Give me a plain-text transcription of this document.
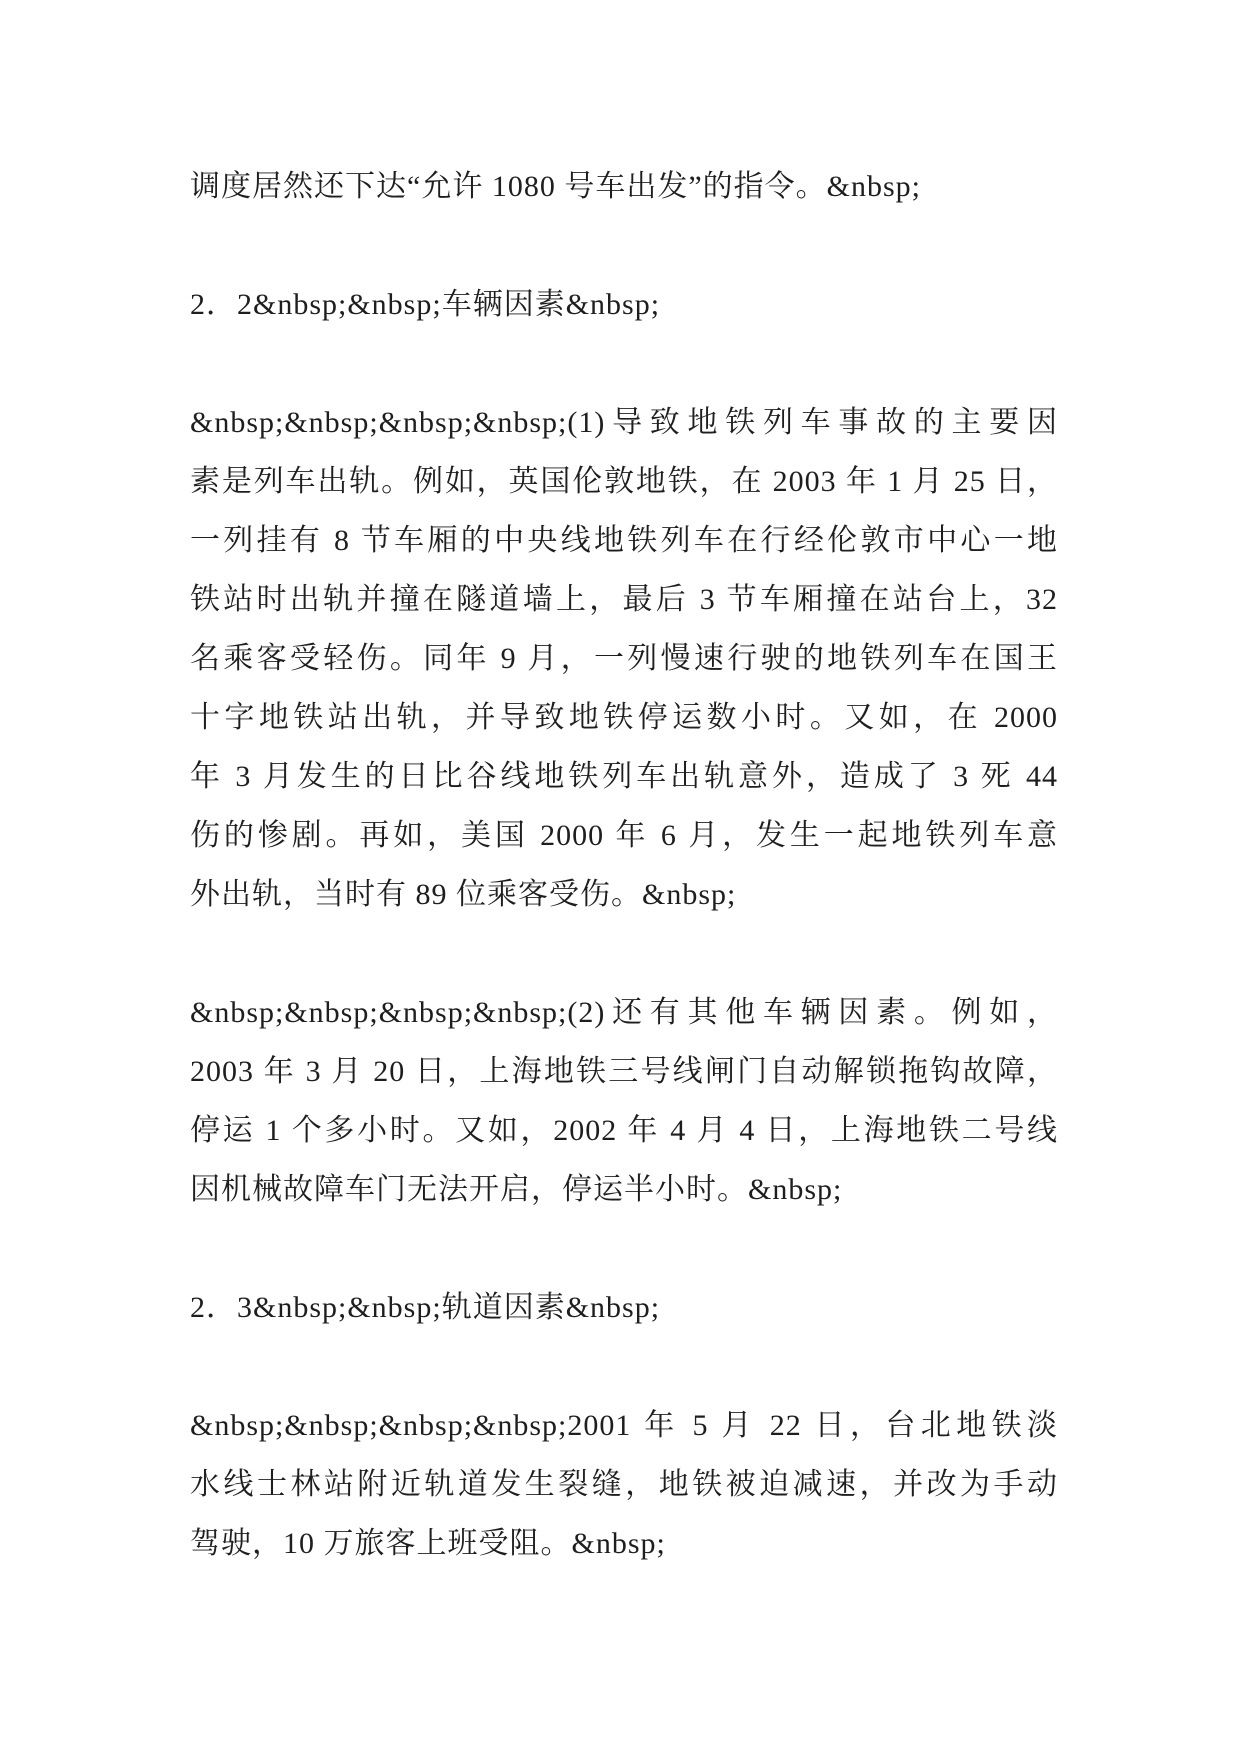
调度居然还下达“允许 1080 号车出发”的指令。&nbsp;
2．2&nbsp;&nbsp;车辆因素&nbsp;
&nbsp;&nbsp;&nbsp;&nbsp;(1)导致地铁列车事故的主要因
素是列车出轨。例如，英国伦敦地铁，在 2003 年 1 月 25 日，
一列挂有 8 节车厢的中央线地铁列车在行经伦敦市中心一地
铁站时出轨并撞在隧道墙上，最后 3 节车厢撞在站台上，32
名乘客受轻伤。同年 9 月，一列慢速行驶的地铁列车在国王
十字地铁站出轨，并导致地铁停运数小时。又如，在 2000
年 3 月发生的日比谷线地铁列车出轨意外，造成了 3 死 44
伤的惨剧。再如，美国 2000 年 6 月，发生一起地铁列车意
外出轨，当时有 89 位乘客受伤。&nbsp;
&nbsp;&nbsp;&nbsp;&nbsp;(2)还有其他车辆因素。例如，
2003 年 3 月 20 日，上海地铁三号线闸门自动解锁拖钩故障，
停运 1 个多小时。又如，2002 年 4 月 4 日，上海地铁二号线
因机械故障车门无法开启，停运半小时。&nbsp;
2．3&nbsp;&nbsp;轨道因素&nbsp;
&nbsp;&nbsp;&nbsp;&nbsp;2001 年 5 月 22 日，台北地铁淡
水线士林站附近轨道发生裂缝，地铁被迫减速，并改为手动
驾驶，10 万旅客上班受阻。&nbsp;
